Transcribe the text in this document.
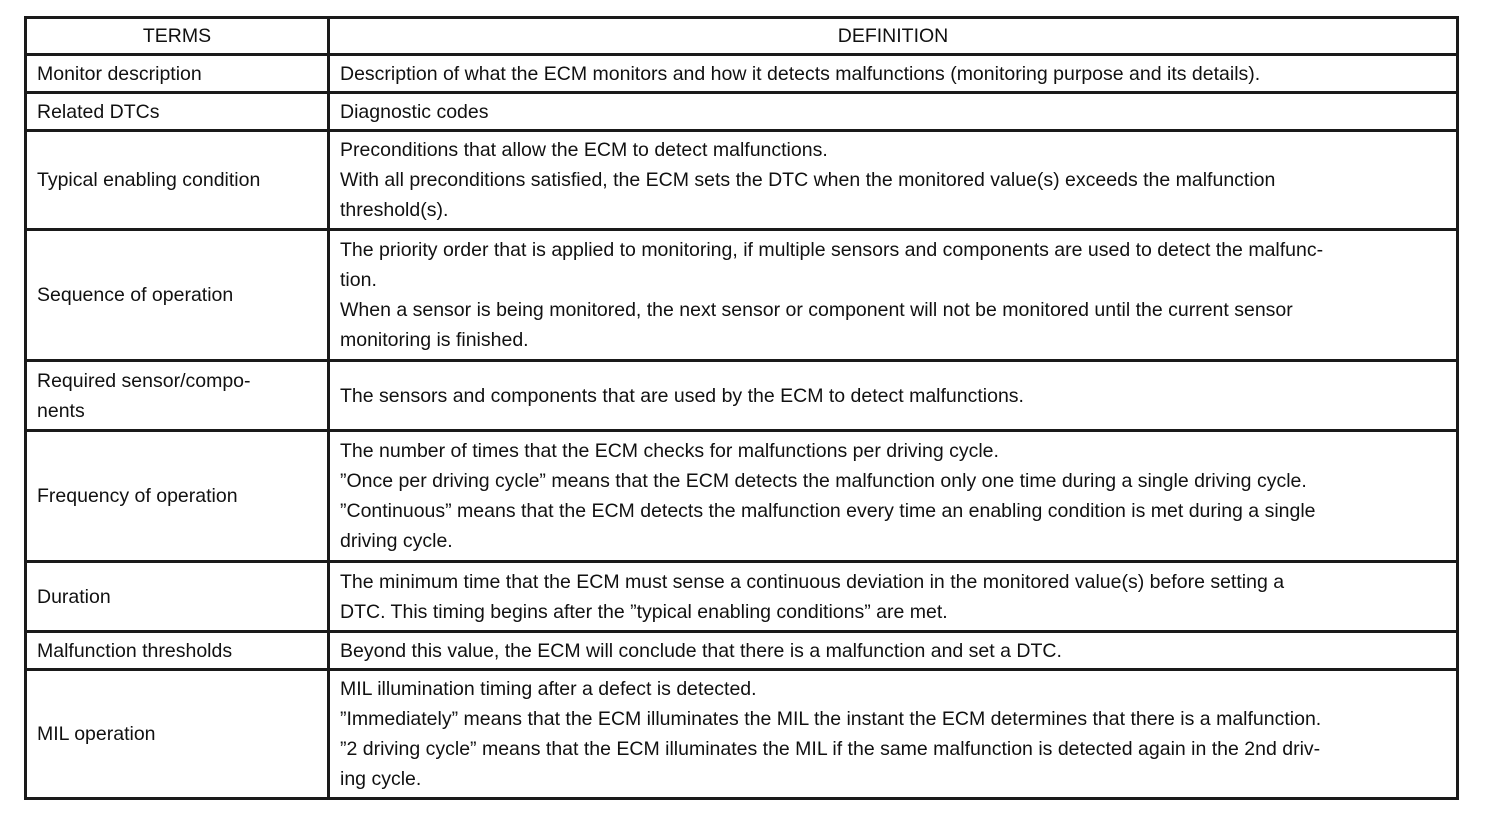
TERMS	DEFINITION

Monitor description	Description of what the ECM monitors and how it detects malfunctions (monitoring purpose and its details).

Related DTCs	Diagnostic codes

Typical enabling condition	Preconditions that allow the ECM to detect malfunctions.
With all preconditions satisfied, the ECM sets the DTC when the monitored value(s) exceeds the malfunction
threshold(s).

Sequence of operation	The priority order that is applied to monitoring, if multiple sensors and components are used to detect the malfunc-
tion.
When a sensor is being monitored, the next sensor or component will not be monitored until the current sensor
monitoring is finished.

Required sensor/compo-
nents	The sensors and components that are used by the ECM to detect malfunctions.

Frequency of operation	The number of times that the ECM checks for malfunctions per driving cycle.
”Once per driving cycle” means that the ECM detects the malfunction only one time during a single driving cycle.
”Continuous” means that the ECM detects the malfunction every time an enabling condition is met during a single
driving cycle.

Duration	The minimum time that the ECM must sense a continuous deviation in the monitored value(s) before setting a
DTC. This timing begins after the ”typical enabling conditions” are met.

Malfunction thresholds	Beyond this value, the ECM will conclude that there is a malfunction and set a DTC.

MIL operation	MIL illumination timing after a defect is detected.
”Immediately” means that the ECM illuminates the MIL the instant the ECM determines that there is a malfunction.
”2 driving cycle” means that the ECM illuminates the MIL if the same malfunction is detected again in the 2nd driv-
ing cycle.
